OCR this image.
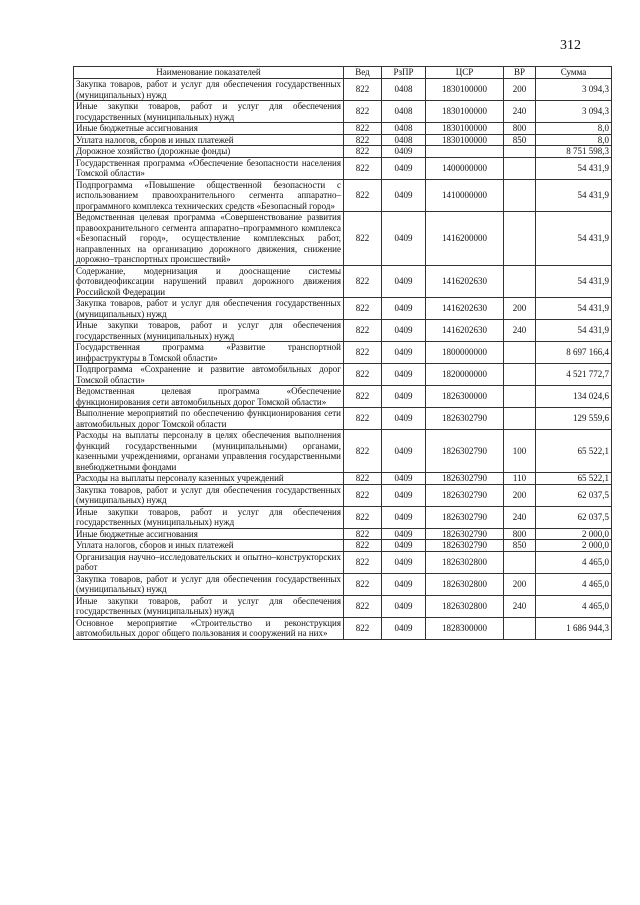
312
Наименование показателей	Вед	РзПР	ЦСР	ВР	Сумма
Закупка товаров, работ и услуг для обеспечения государственных (муниципальных) нужд	822	0408	1830100000	200	3 094,3
Иные закупки товаров, работ и услуг для обеспечения государственных (муниципальных) нужд	822	0408	1830100000	240	3 094,3
Иные бюджетные ассигнования	822	0408	1830100000	800	8,0
Уплата налогов, сборов и иных платежей	822	0408	1830100000	850	8,0
Дорожное хозяйство (дорожные фонды)	822	0409			8 751 598,3
Государственная программа «Обеспечение безопасности населения Томской области»	822	0409	1400000000		54 431,9
Подпрограмма «Повышение общественной безопасности с использованием правоохранительного сегмента аппаратно–программного комплекса технических средств «Безопасный город»	822	0409	1410000000		54 431,9
Ведомственная целевая программа «Совершенствование развития правоохранительного сегмента аппаратно–программного комплекса «Безопасный город», осуществление комплексных работ, направленных на организацию дорожного движения, снижение дорожно–транспортных происшествий»	822	0409	1416200000		54 431,9
Содержание, модернизация и дооснащение системы фотовидеофиксации нарушений правил дорожного движения Российской Федерации	822	0409	1416202630		54 431,9
Закупка товаров, работ и услуг для обеспечения государственных (муниципальных) нужд	822	0409	1416202630	200	54 431,9
Иные закупки товаров, работ и услуг для обеспечения государственных (муниципальных) нужд	822	0409	1416202630	240	54 431,9
Государственная программа «Развитие транспортной инфраструктуры в Томской области»	822	0409	1800000000		8 697 166,4
Подпрограмма «Сохранение и развитие автомобильных дорог Томской области»	822	0409	1820000000		4 521 772,7
Ведомственная целевая программа «Обеспечение функционирования сети автомобильных дорог Томской области»	822	0409	1826300000		134 024,6
Выполнение мероприятий по обеспечению функционирования сети автомобильных дорог Томской области	822	0409	1826302790		129 559,6
Расходы на выплаты персоналу в целях обеспечения выполнения функций государственными (муниципальными) органами, казенными учреждениями, органами управления государственными внебюджетными фондами	822	0409	1826302790	100	65 522,1
Расходы на выплаты персоналу казенных учреждений	822	0409	1826302790	110	65 522,1
Закупка товаров, работ и услуг для обеспечения государственных (муниципальных) нужд	822	0409	1826302790	200	62 037,5
Иные закупки товаров, работ и услуг для обеспечения государственных (муниципальных) нужд	822	0409	1826302790	240	62 037,5
Иные бюджетные ассигнования	822	0409	1826302790	800	2 000,0
Уплата налогов, сборов и иных платежей	822	0409	1826302790	850	2 000,0
Организация научно–исследовательских и опытно–конструкторских работ	822	0409	1826302800		4 465,0
Закупка товаров, работ и услуг для обеспечения государственных (муниципальных) нужд	822	0409	1826302800	200	4 465,0
Иные закупки товаров, работ и услуг для обеспечения государственных (муниципальных) нужд	822	0409	1826302800	240	4 465,0
Основное мероприятие «Строительство и реконструкция автомобильных дорог общего пользования и сооружений на них»	822	0409	1828300000		1 686 944,3
